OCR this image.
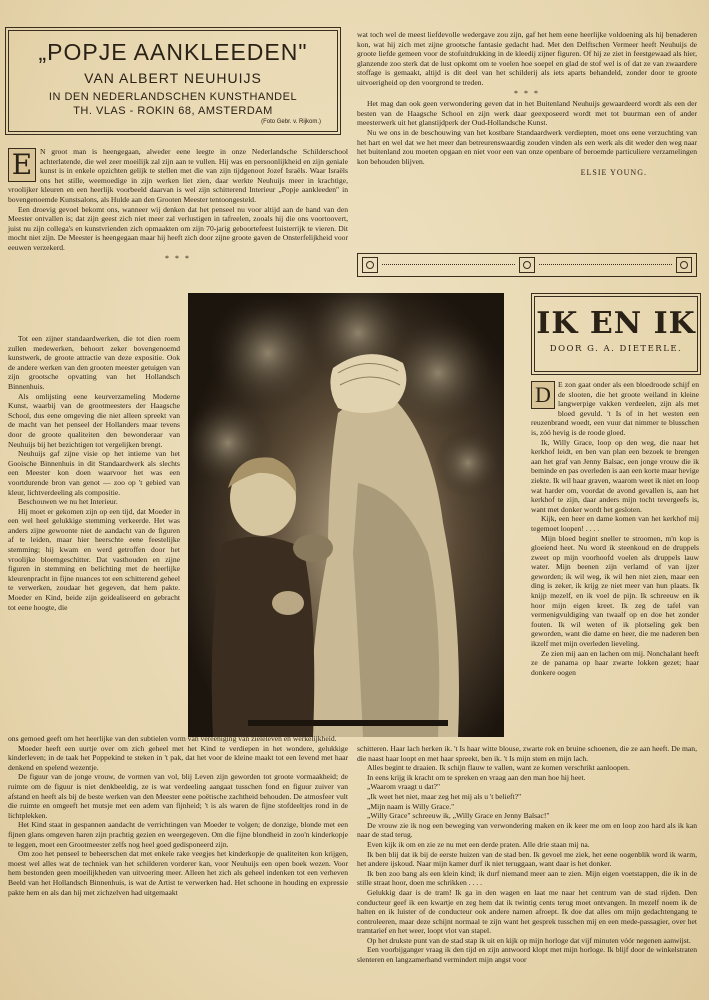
„POPJE AANKLEEDEN"
VAN ALBERT NEUHUIJS
IN DEN NEDERLANDSCHEN KUNSTHANDEL
TH. VLAS - ROKIN 68, AMSTERDAM
(Foto Gebr. v. Rijkom.)

wat toch wel de meest liefdevolle wedergave zou zijn, gaf het hem eene heerlijke voldoening als hij benaderen kon, wat hij zich met zijne grootsche fantasie gedacht had. Met den Delftschen Vermeer heeft Neuhuijs de groote liefde gemeen voor de stofuitdrukking in de kleedij zijner figuren. Of hij ze ziet in feestgewaad als hier, glanzende zoo sterk dat de lust opkomt om te voelen hoe soepel en glad de stof wel is of dat ze van zwaardere stoffage is gemaakt, altijd is dit deel van het schilderij als iets aparts behandeld, zonder door te groote uitvoerigheid op den voorgrond te treden.

* * *

Het mag dan ook geen verwondering geven dat in het Buitenland Neuhuijs gewaardeerd wordt als een der besten van de Haagsche School en zijn werk daar geexposeerd wordt met tot buurman een of ander meesterwerk uit het glanstijdperk der Oud-Hollandsche Kunst.

Nu we ons in de beschouwing van het kostbare Standaardwerk verdiepten, moet ons eene verzuchting van het hart en wel dat we het meer dan betreurenswaardig zouden vinden als een werk als dit weder den weg naar het buitenland zou moeten opgaan en niet voor een van onze openbare of beroemde particuliere verzamelingen kon behouden blijven.

ELSIE YOUNG.
E	N groot man is heengegaan, alweder eene leegte in onze Nederlandsche Schilderschool achterlatende, die wel zeer moeilijk zal zijn aan te vullen. Hij was en persoonlijkheid en zijn geniale kunst is in enkele opzichten gelijk te stellen met die van zijn tijdgenoot Jozef Israëls. Waar Israëls ons het stille, weemoedige in zijn werken liet zien, daar werkte Neuhuijs meer in krachtige, vroolijker kleuren en een heerlijk voorbeeld daarvan is wel zijn schitterend Interieur „Popje aankleeden" in bovengenoemde Kunstsalons, als Hulde aan den Grooten Meester tentoongesteld.

Een droevig gevoel bekomt ons, wanneer wij denken dat het penseel nu voor altijd aan de hand van den Meester ontvallen is; dat zijn geest zich niet meer zal verlustigen in tafreelen, zooals hij die ons voortoovert, juist nu zijn collega's en kunstvrienden zich opmaakten om zijn 70-jarig geboortefeest luisterrijk te vieren. Dit mocht niet zijn. De Meester is heengegaan maar hij heeft zich door zijne groote gaven de Onsterfelijkheid voor eeuwen verzekerd.

* * *

Tot een zijner standaardwerken, die tot dien roem zullen medewerken, behoort zeker bovengenoemd kunstwerk, de groote attractie van deze expositie. Ook de andere werken van den grooten meester getuigen van zijn grootsche opvatting van het Hollandsch Binnenhuis.

Als omlijsting eene keurverzameling Moderne Kunst, waarbij van de grootmeesters der Haagsche School, dus eene omgeving die niet alleen spreekt van de macht van het penseel der Hollanders maar tevens door de groote qualiteiten den bewonderaar van Neuhuijs bij het bezichtigen tot vergelijken brengt.

Neuhuijs gaf zijne visie op het intieme van het Gooische Binnenhuis in dit Standaardwerk als slechts een Meester kon doen waarvoor het was een voortdurende bron van genot — zoo op 't gebied van kleur, lichtverdeeling als compositie.

Beschouwen we nu het Interieur.

Hij moet er gekomen zijn op een tijd, dat Moeder in een wel heel gelukkige stemming verkeerde. Het was anders zijne gewoonte niet de aandacht van de figuren af te leiden, maar hier heerschte eene feestelijke stemming; hij kwam en werd getroffen door het vroolijke bloemgeschitter. Dat vasthouden en zijne figuren in stemming en belichting met de heerlijke kleurenpracht in fijne nuances tot een schitterend geheel te verwerken, zoudaar het gegeven, dat hem pakte. Moeder en Kind, beide zijn geidealiseerd en gebracht tot eene hoogte, die

IK EN IK
DOOR G. A. DIETERLE.
D E zon gaat onder als een bloedroode schijf en de slooten, die het groote weiland in kleine langwerpige vakken verdeelen, zijn als met bloed gevuld. 't Is of in het westen een reuzenbrand woedt, een vuur dat nimmer te blusschen is, zóó hevig is de roode gloed.

Ik, Willy Grace, loop op den weg, die naar het kerkhof leidt, en ben van plan een bezoek te brengen aan het graf van Jenny Balsac, een jonge vrouw die ik beminde en pas overleden is aan een korte maar hevige ziekte. Ik wil haar graven, waarom weet ik niet en loop wat harder om, voordat de avond gevallen is, aan het kerkhof te zijn, daar anders mijn tocht tevergeefs is, want met donker wordt het gesloten.

Kijk, een heer en dame komen van het kerkhof mij tegemoet loopen! . . . .

Mijn bloed begint sneller te stroomen, m'n kop is gloeiend heet. Nu word ik steenkoud en de druppels zweet op mijn voorhoofd voelen als druppels lauw water. Mijn beenen zijn verlamd of van ijzer geworden; ik wil weg, ik wil hen niet zien, maar een ding is zeker, ik krijg ze niet meer van hun plaats. Ik knijp mezelf, en ik voel de pijn. Ik schreeuw en ik hoor mijn eigen kreet. Ik zeg de tafel van vermenigvuldiging van twaalf op en doe het zonder fouten. Ik wil weten of ik plotseling gek ben geworden, want die dame en heer, die me naderen ben ikzelf met mijn overleden lieveling.

Ze zien mij aan en lachen om mij. Nonchalant heeft ze de panama op haar zwarte lokken gezet; haar donkere oogen

ons gemoed geeft om het heerlijke van den subtielen vorm van vereeniging van zieleleven en werkelijkheid.

Moeder heeft een uurtje over om zich geheel met het Kind te verdiepen in het wondere, gelukkige kinderleven; in de taak het Poppekind te steken in 't pak, dat het voor de kleine maakt tot een levend met haar denkend en spelend wezentje.

De figuur van de jonge vrouw, de vormen van vol, blij Leven zijn geworden tot groote vormaakheid; de ruimte om de figuur is niet denkbeeldig, ze is wat verdeeling aangaat tusschen fond en figuur zuiver van afstand en heeft als bij de beste werken van den Meester eene poëtische zachtheid behouden. De atmosfeer vult die ruimte en omgeeft het mutsje met een adem van fijnheid; 't is als waren de fijne stofdeeltjes rond in de lichtplekken.

Het Kind staat in gespannen aandacht de verrichtingen van Moeder te volgen; de donzige, blonde met een fijnen glans omgeven haren zijn prachtig gezien en weergegeven. Om die fijne blondheid in zoo'n kinderkopje te leggen, moet een Grootmeester zelfs nog heel goed gedisponeerd zijn.

Om zoo het penseel te beheerschen dat met enkele rake veegjes het kinderkopje de qualiteiten kon krijgen, moest wel alles wat de techniek van het schilderen vorderer kan, voor Neuhuijs een open boek wezen. Voor hem bestonden geen moeilijkheden van uitvoering meer. Alleen het zich als geheel indenken tot een verheven Beeld van het Hollandsch Binnenhuis, is wat de Artist te verwerken had. Het schoone in houding en expressie pakte hem en als dan hij met zichzelven had uitgemaakt

schitteren. Haar lach herken ik. 't Is haar witte blouse, zwarte rok en bruine schoenen, die ze aan heeft. De man, die naast haar loopt en met haar spreekt, ben ik. 't Is mijn stem en mijn lach.

Alles begint te draaien. Ik schijn flauw te vallen, want ze komen verschrikt aanloopen.

In eens krijg ik kracht om te spreken en vraag aan den man hoe hij heet.

„Waarom vraagt u dat?"

„Ik weet het niet, maar zeg het mij als u 't belieft?"

„Mijn naam is Willy Grace."

„Willy Grace" schreeuw ik, „Willy Grace en Jenny Balsac!"

De vrouw zie ik nog een beweging van verwondering maken en ik keer me om en loop zoo hard als ik kan naar de stad terug.

Even kijk ik om en zie ze nu met een derde praten. Alle drie staan mij na.

Ik ben blij dat ik bij de eerste huizen van de stad ben. Ik gevoel me ziek, het eene oogenblik word ik warm, het andere ijskoud. Naar mijn kamer durf ik niet teruggaan, want daar is het donker.

Ik ben zoo bang als een klein kind; ik durf niemand meer aan te zien. Mijn eigen voetstappen, die ik in de stille straat hoor, doen me schrikken . . . .

Gelukkig daar is de tram! Ik ga in den wagen en laat me naar het centrum van de stad rijden. Den conducteur geef ik een kwartje en zeg hem dat ik twintig cents terug moet ontvangen. In mezelf noem ik de halten en ik luister of de conducteur ook andere namen afroept. Ik doe dat alles om mijn gedachtengang te controleeren, maar deze schijnt normaal te zijn want het gesprek tusschen mij en een mede-passagier, over het tramtarief en het weer, loopt vlot van stapel.

Op het drukste punt van de stad stap ik uit en kijk op mijn horloge dat vijf minuten vóór negenen aanwijst.

Een voorbijganger vraag ik den tijd en zijn antwoord klopt met mijn horloge. Ik blijf door de winkelstraten slenteren en langzamerhand vermindert mijn angst voor
